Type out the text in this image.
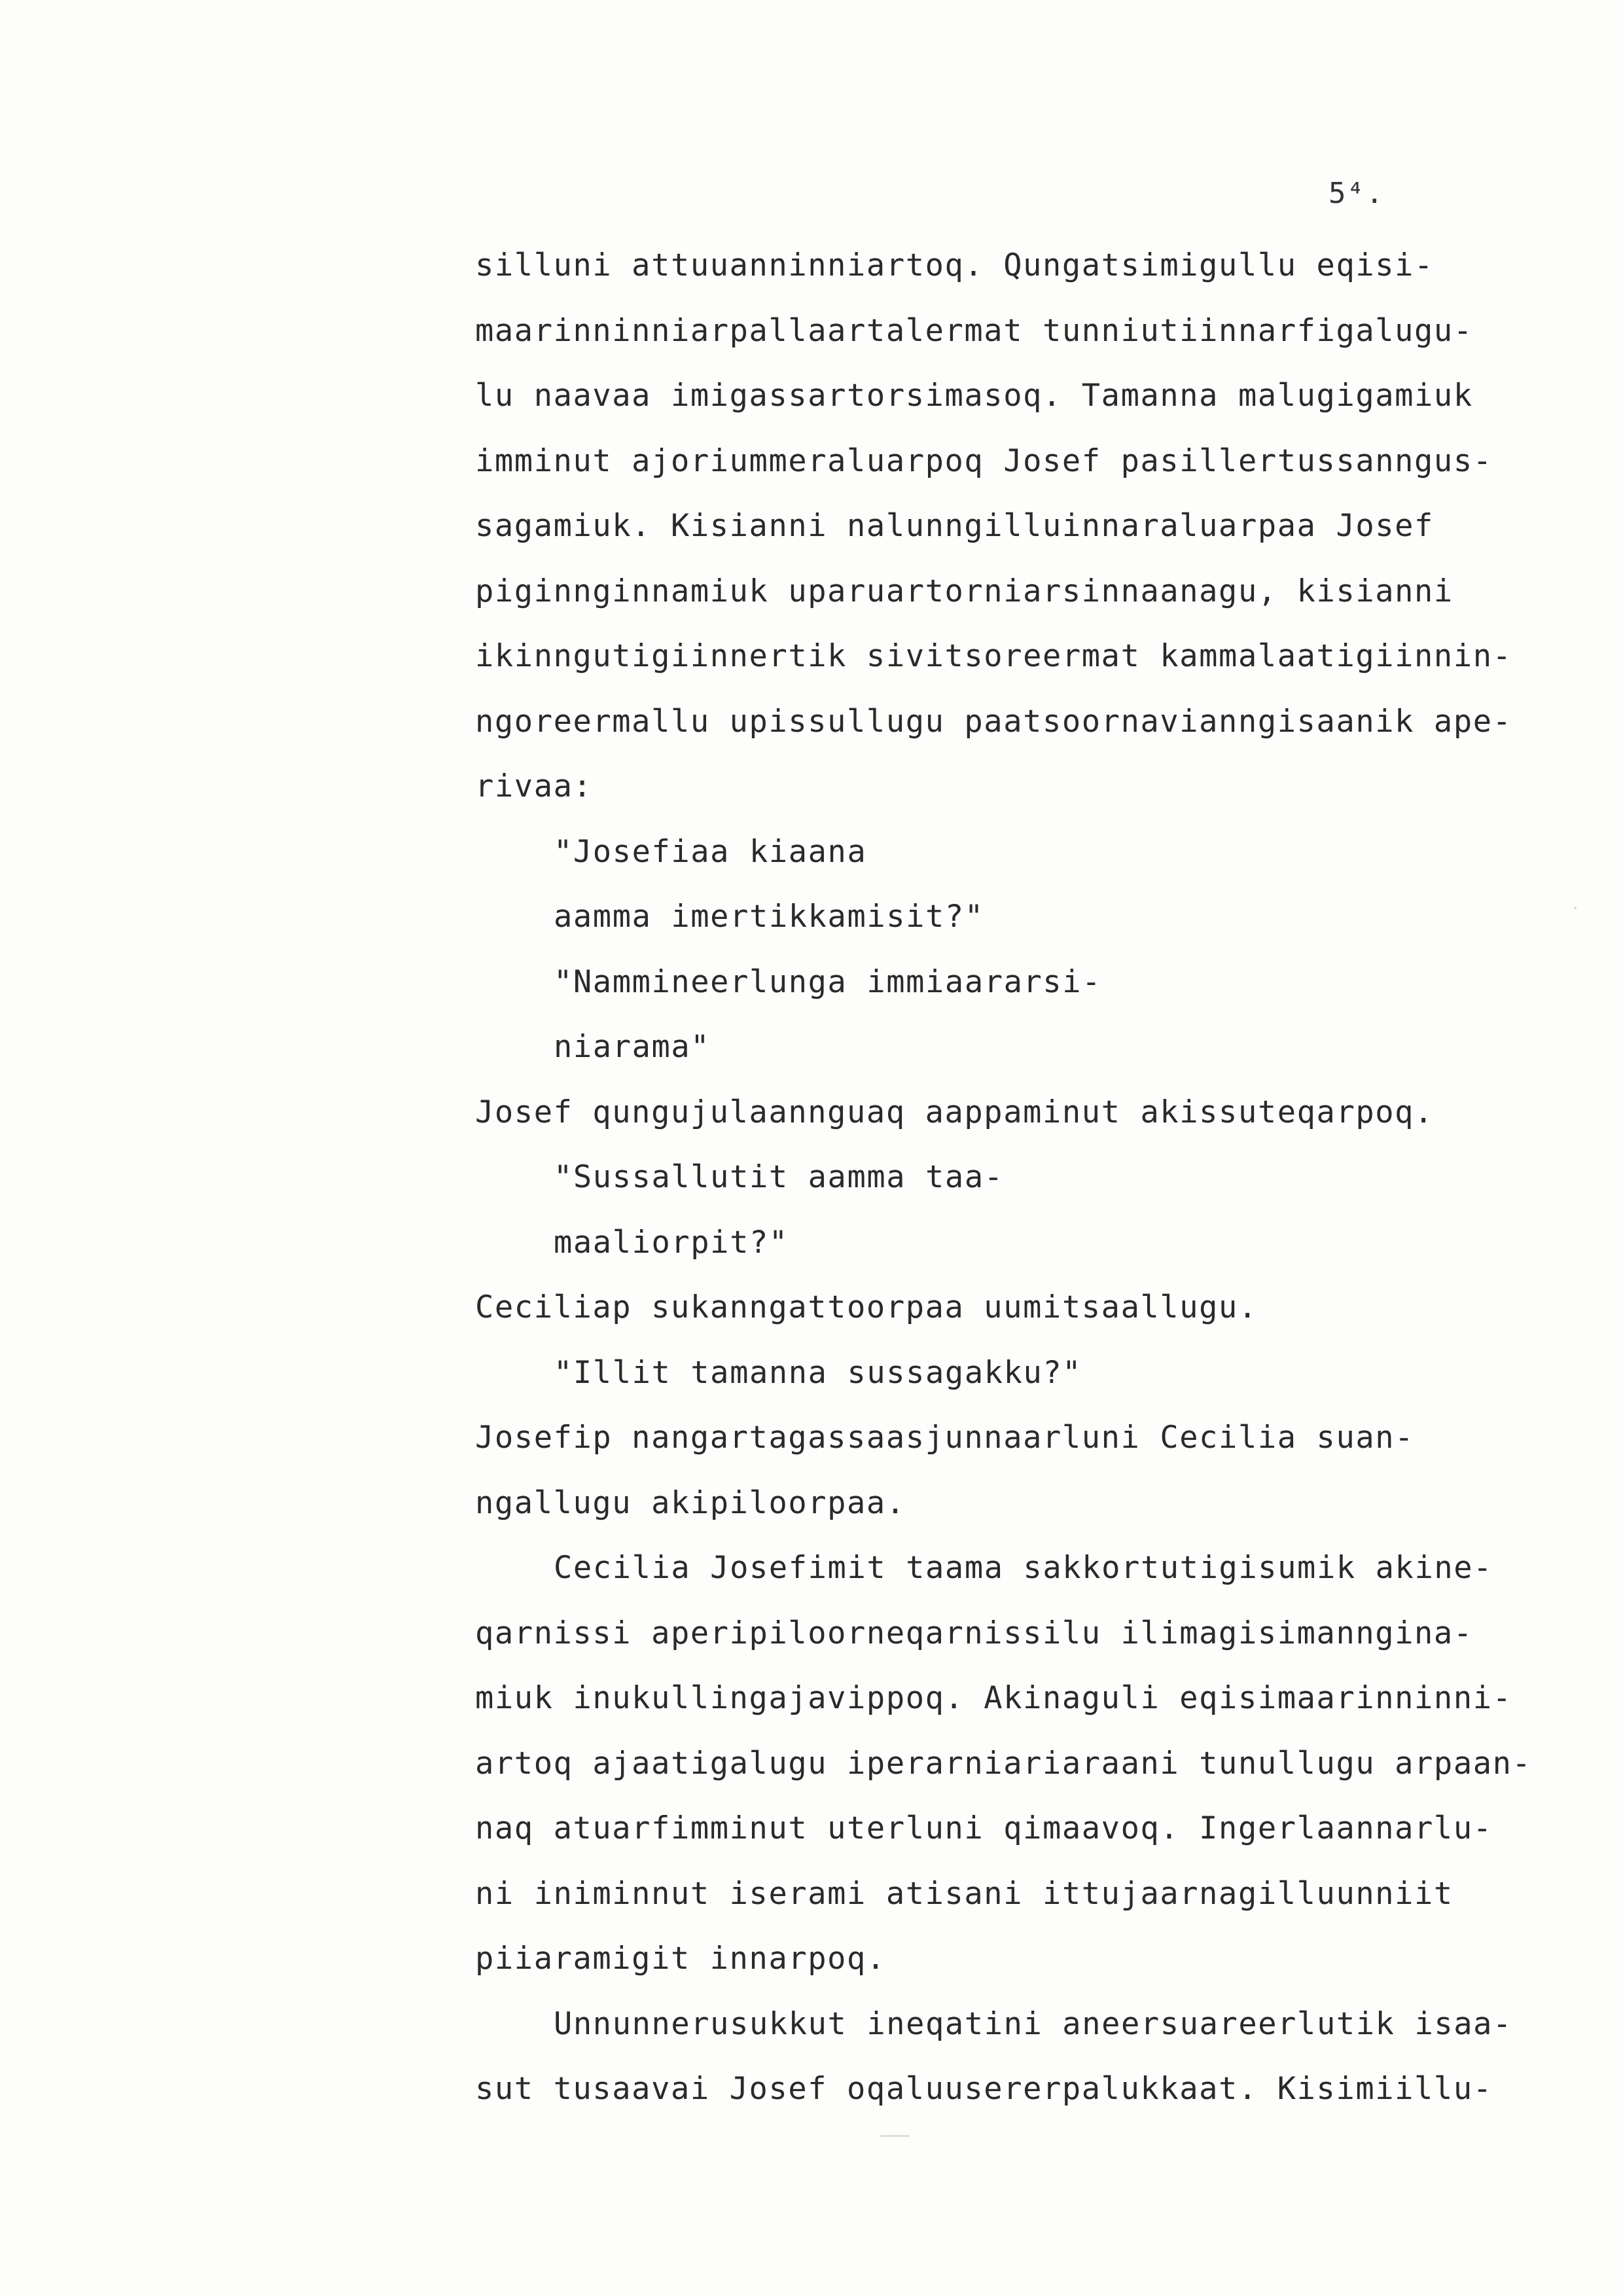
5⁴.
silluni attuuanninniartoq. Qungatsimigullu eqisi-
maarinninniarpallaartalermat tunniutiinnarfigalugu-
lu naavaa imigassartorsimasoq. Tamanna malugigamiuk
imminut ajoriummeraluarpoq Josef pasillertussanngus-
sagamiuk. Kisianni nalunngilluinnaraluarpaa Josef
piginnginnamiuk uparuartorniarsinnaanagu, kisianni
ikinngutigiinnertik sivitsoreermat kammalaatigiinnin-
ngoreermallu upissullugu paatsoornavianngisaanik ape-
rivaa:
"Josefiaa kiaana
aamma imertikkamisit?"
"Nammineerlunga immiaararsi-
niarama"
Josef qungujulaannguaq aappaminut akissuteqarpoq.
"Sussallutit aamma taa-
maaliorpit?"
Ceciliap sukanngattoorpaa uumitsaallugu.
"Illit tamanna sussagakku?"
Josefip nangartagassaasjunnaarluni Cecilia suan-
ngallugu akipiloorpaa.
Cecilia Josefimit taama sakkortutigisumik akine-
qarnissi aperipiloorneqarnissilu ilimagisimanngina-
miuk inukullingajavippoq. Akinaguli eqisimaarinninni-
artoq ajaatigalugu iperarniariaraani tunullugu arpaan-
naq atuarfimminut uterluni qimaavoq. Ingerlaannarlu-
ni iniminnut iserami atisani ittujaarnagilluunniit
piiaramigit innarpoq.
Unnunnerusukkut ineqatini aneersuareerlutik isaa-
sut tusaavai Josef oqaluusererpalukkaat. Kisimiillu-
